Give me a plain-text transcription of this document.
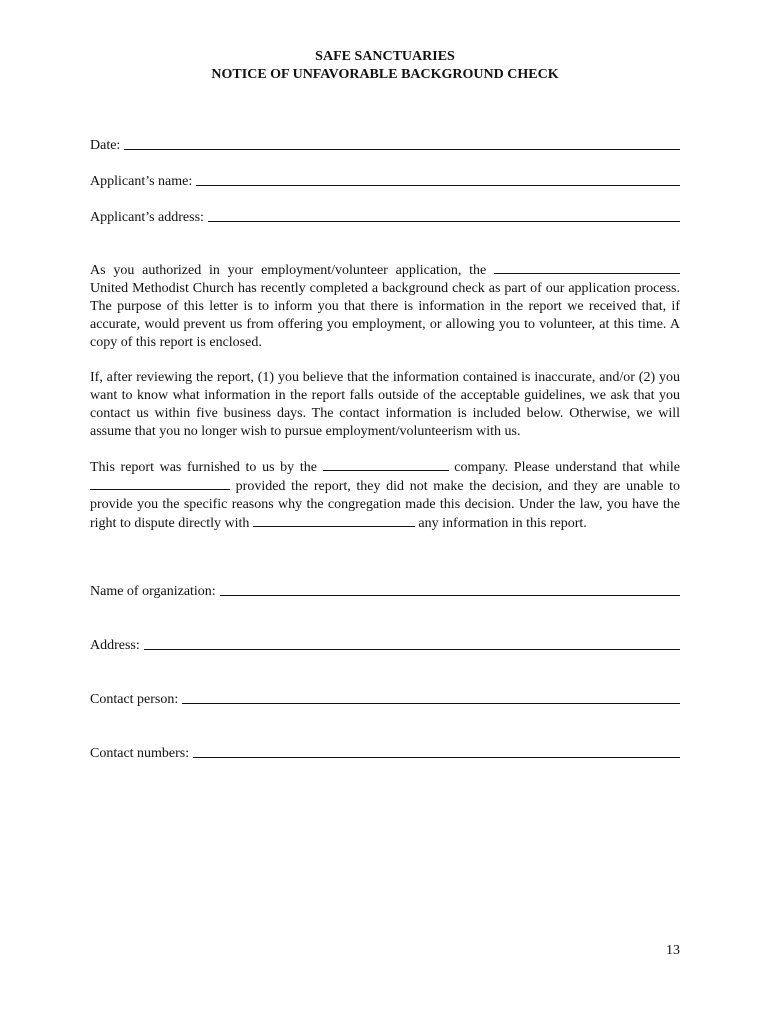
SAFE SANCTUARIES
NOTICE OF UNFAVORABLE BACKGROUND CHECK
Date:
Applicant’s name:
Applicant’s address:
As you authorized in your employment/volunteer application, the  United Methodist Church has recently completed a background check as part of our application process. The purpose of this letter is to inform you that there is information in the report we received that, if accurate, would prevent us from offering you employment, or allowing you to volunteer, at this time. A copy of this report is enclosed.
If, after reviewing the report, (1) you believe that the information contained is inaccurate, and/or (2) you want to know what information in the report falls outside of the acceptable guidelines, we ask that you contact us within five business days. The contact information is included below. Otherwise, we will assume that you no longer wish to pursue employment/volunteerism with us.
This report was furnished to us by the	company. Please understand that while  provided the report, they did not make the decision, and they are unable to provide you the specific reasons why the congregation made this decision. Under the law, you have the right to dispute directly with	any information in this report.
Name of organization:
Address:
Contact person:
Contact numbers:
13
